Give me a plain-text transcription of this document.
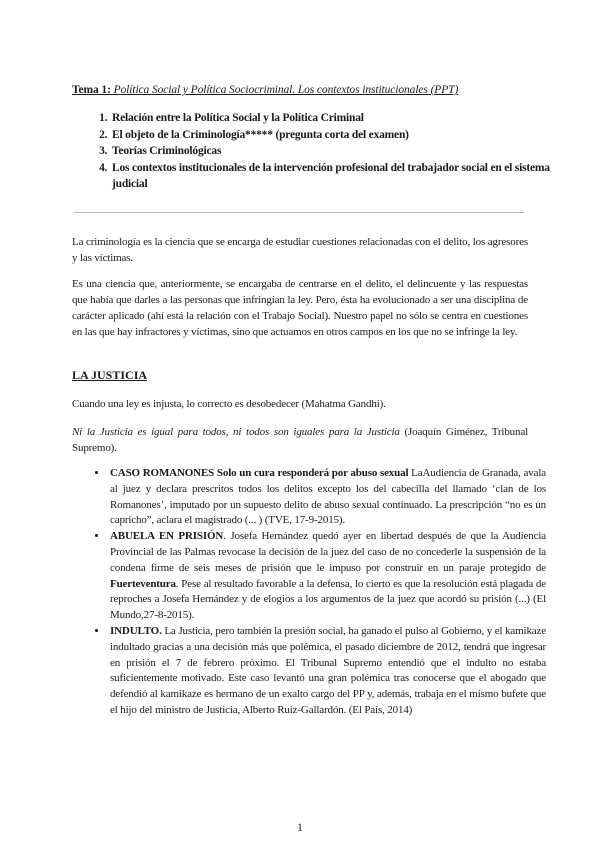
Tema 1: Política Social y Política Sociocriminal. Los contextos institucionales (PPT)
1. Relación entre la Política Social y la Política Criminal
2. El objeto de la Criminología***** (pregunta corta del examen)
3. Teorías Criminológicas
4. Los contextos institucionales de la intervención profesional del trabajador social en el sistema judicial

La criminología es la ciencia que se encarga de estudiar cuestiones relacionadas con el delito, los agresores y las víctimas.

Es una ciencia que, anteriormente, se encargaba de centrarse en el delito, el delincuente y las respuestas que había que darles a las personas que infringían la ley. Pero, ésta ha evolucionado a ser una disciplina de carácter aplicado (ahí está la relación con el Trabajo Social). Nuestro papel no sólo se centra en cuestiones en las que hay infractores y víctimas, sino que actuamos en otros campos en los que no se infringe la ley.

LA JUSTICIA

Cuando una ley es injusta, lo correcto es desobedecer (Mahatma Gandhi).

Ni la Justicia es igual para todos, ni todos son iguales para la Justicia (Joaquín Giménez, Tribunal Supremo).

• CASO ROMANONES Solo un cura responderá por abuso sexual LaAudiencia de Granada, avala al juez y declara prescritos todos los delitos excepto los del cabecilla del llamado ‘clan de los Romanones’, imputado por un supuesto delito de abuso sexual continuado. La prescripción “no es un capricho”, aclara el magistrado (... ) (TVE, 17-9-2015).
• ABUELA EN PRISIÓN. Josefa Hernández quedó ayer en libertad después de que la Audiencia Provincial de las Palmas revocase la decisión de la juez del caso de no concederle la suspensión de la condena firme de seis meses de prisión que le impuso por construir en un paraje protegido de Fuerteventura. Pese al resultado favorable a la defensa, lo cierto es que la resolución está plagada de reproches a Josefa Hernández y de elogios a los argumentos de la juez que acordó su prisión (...) (El Mundo,27-8-2015).
• INDULTO. La Justicia, pero también la presión social, ha ganado el pulso al Gobierno, y el kamikaze indultado gracias a una decisión más que polémica, el pasado diciembre de 2012, tendrá que ingresar en prisión el 7 de febrero próximo. El Tribunal Supremo entendió que el indulto no estaba suficientemente motivado. Este caso levantó una gran polémica tras conocerse que el abogado que defendió al kamikaze es hermano de un exalto cargo del PP y, además, trabaja en el mismo bufete que el hijo del ministro de Justicia, Alberto Ruiz-Gallardón. (El País, 2014)
1
